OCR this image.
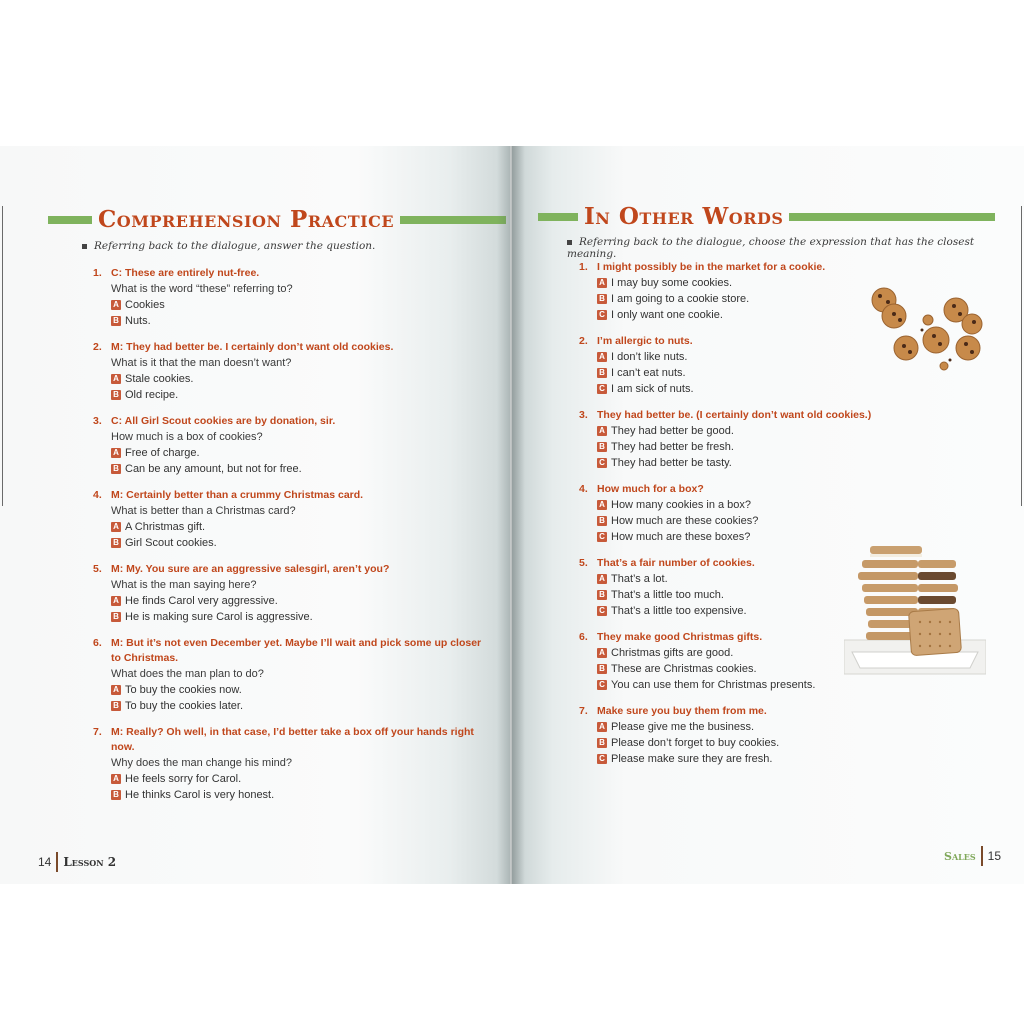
Comprehension Practice
Referring back to the dialogue, answer the question.
1. C: These are entirely nut-free.
What is the word “these” referring to?
A Cookies
B Nuts.
2. M: They had better be. I certainly don’t want old cookies.
What is it that the man doesn’t want?
A Stale cookies.
B Old recipe.
3. C: All Girl Scout cookies are by donation, sir.
How much is a box of cookies?
A Free of charge.
B Can be any amount, but not for free.
4. M: Certainly better than a crummy Christmas card.
What is better than a Christmas card?
A A Christmas gift.
B Girl Scout cookies.
5. M: My. You sure are an aggressive salesgirl, aren’t you?
What is the man saying here?
A He finds Carol very aggressive.
B He is making sure Carol is aggressive.
6. M: But it’s not even December yet. Maybe I’ll wait and pick some up closer to Christmas.
What does the man plan to do?
A To buy the cookies now.
B To buy the cookies later.
7. M: Really? Oh well, in that case, I’d better take a box off your hands right now.
Why does the man change his mind?
A He feels sorry for Carol.
B He thinks Carol is very honest.
14 Lesson 2
In Other Words
Referring back to the dialogue, choose the expression that has the closest meaning.
1. I might possibly be in the market for a cookie.
A I may buy some cookies.
B I am going to a cookie store.
C I only want one cookie.
2. I’m allergic to nuts.
A I don’t like nuts.
B I can’t eat nuts.
C I am sick of nuts.
3. They had better be. (I certainly don’t want old cookies.)
A They had better be good.
B They had better be fresh.
C They had better be tasty.
4. How much for a box?
A How many cookies in a box?
B How much are these cookies?
C How much are these boxes?
5. That’s a fair number of cookies.
A That’s a lot.
B That’s a little too much.
C That’s a little too expensive.
6. They make good Christmas gifts.
A Christmas gifts are good.
B These are Christmas cookies.
C You can use them for Christmas presents.
7. Make sure you buy them from me.
A Please give me the business.
B Please don’t forget to buy cookies.
C Please make sure they are fresh.
Sales 15
